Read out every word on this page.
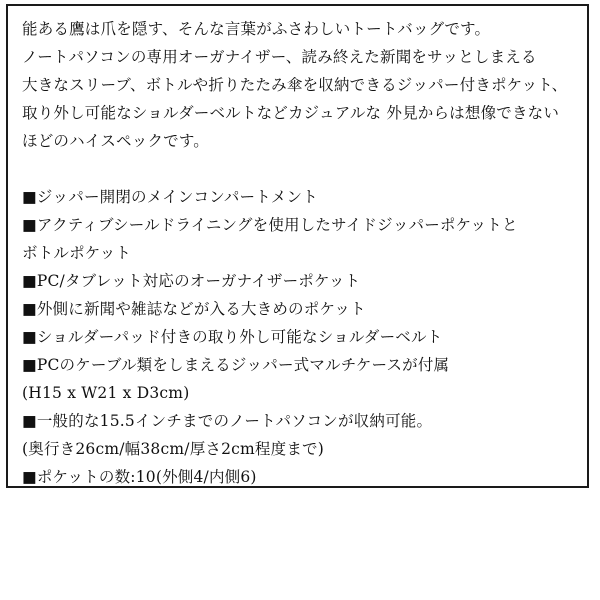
能ある鷹は爪を隠す、そんな言葉がふさわしいトートバッグです。
ノートパソコンの専用オーガナイザー、読み終えた新聞をサッとしまえる
大きなスリーブ、ボトルや折りたたみ傘を収納できるジッパー付きポケット、
取り外し可能なショルダーベルトなどカジュアルな 外見からは想像できない
ほどのハイスペックです。
■ジッパー開閉のメインコンパートメント
■アクティブシールドライニングを使用したサイドジッパーポケットと
ボトルポケット
■PC/タブレット対応のオーガナイザーポケット
■外側に新聞や雑誌などが入る大きめのポケット
■ショルダーパッド付きの取り外し可能なショルダーベルト
■PCのケーブル類をしまえるジッパー式マルチケースが付属
(H15 x W21 x D3cm)
■一般的な15.5インチまでのノートパソコンが収納可能。
(奥行き26cm/幅38cm/厚さ2cm程度まで)
■ポケットの数:10(外側4/内側6)
